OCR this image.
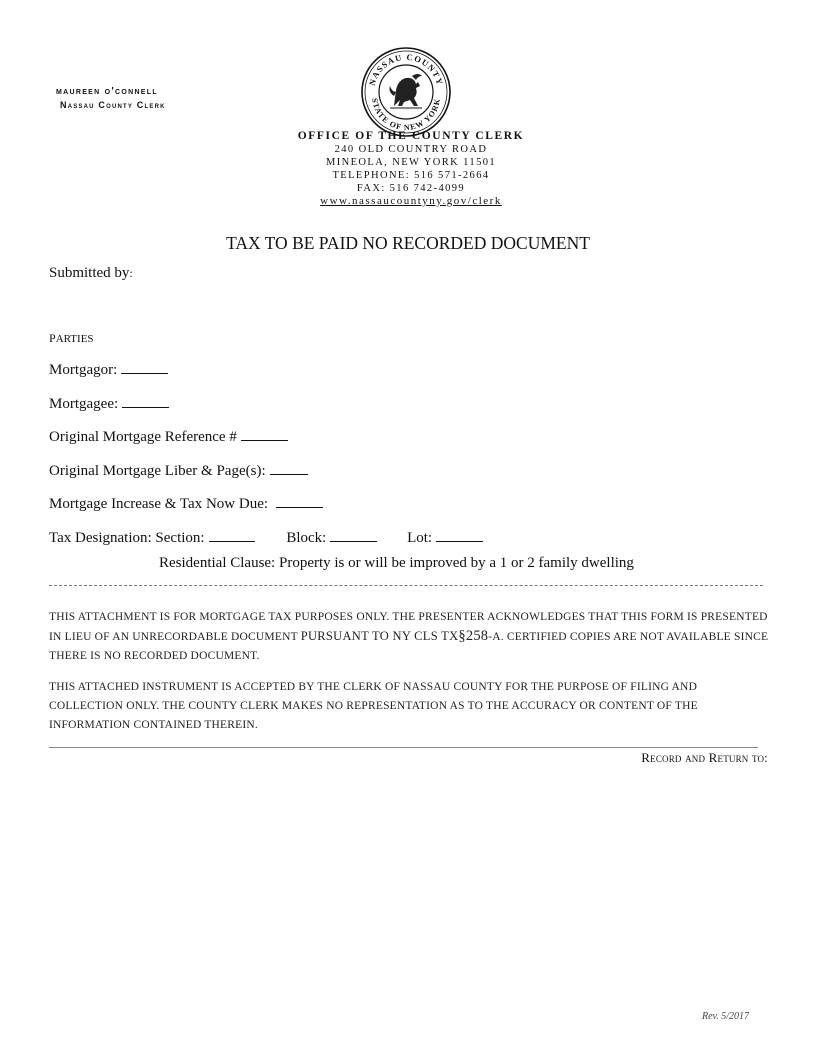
maureen o'connell
Nassau County Clerk
NASSAU COUNTY
STATE OF NEW YORK
OFFICE OF THE COUNTY CLERK
240 OLD COUNTRY ROAD
MINEOLA, NEW YORK 11501
TELEPHONE: 516 571-2664
FAX: 516 742-4099
www.nassaucountyny.gov/clerk
TAX TO BE PAID NO RECORDED DOCUMENT
Submitted by:
parties
Mortgagor:
Mortgagee:
Original Mortgage Reference #
Original Mortgage Liber & Page(s):
Mortgage Increase & Tax Now Due:
Tax Designation: Section:	Block:	Lot:
Residential Clause: Property is or will be improved by a 1 or 2 family dwelling
THIS ATTACHMENT IS FOR MORTGAGE TAX PURPOSES ONLY. THE PRESENTER ACKNOWLEDGES THAT THIS FORM IS PRESENTED IN LIEU OF AN UNRECORDABLE DOCUMENT PURSUANT TO NY CLS TX§258-A. CERTIFIED COPIES ARE NOT AVAILABLE SINCE THERE IS NO RECORDED DOCUMENT.
THIS ATTACHED INSTRUMENT IS ACCEPTED BY THE CLERK OF NASSAU COUNTY FOR THE PURPOSE OF FILING AND COLLECTION ONLY. THE COUNTY CLERK MAKES NO REPRESENTATION AS TO THE ACCURACY OR CONTENT OF THE INFORMATION CONTAINED THEREIN.
Record and Return to:
Rev. 5/2017
